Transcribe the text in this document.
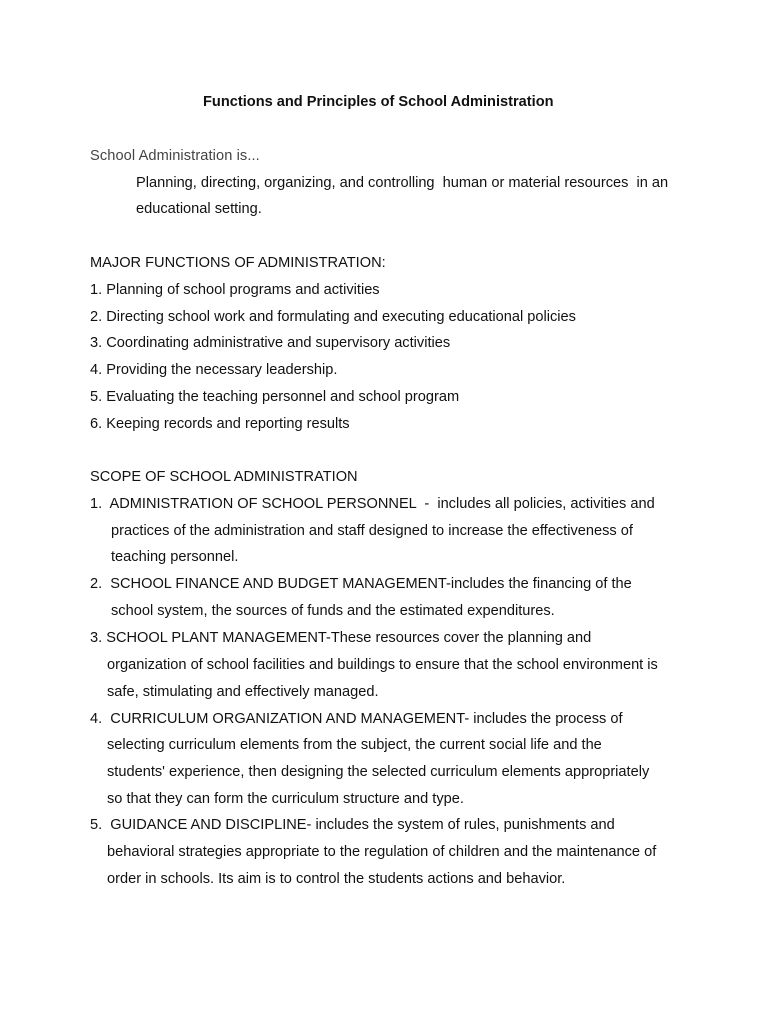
Functions and Principles of School Administration
School Administration is...
Planning, directing, organizing, and controlling  human or material resources  in an
educational setting.
MAJOR FUNCTIONS OF ADMINISTRATION:
1. Planning of school programs and activities
2. Directing school work and formulating and executing educational policies
3. Coordinating administrative and supervisory activities
4. Providing the necessary leadership.
5. Evaluating the teaching personnel and school program
6. Keeping records and reporting results
SCOPE OF SCHOOL ADMINISTRATION
1.  ADMINISTRATION OF SCHOOL PERSONNEL  -  includes all policies, activities and
practices of the administration and staff designed to increase the effectiveness of
teaching personnel.
2.  SCHOOL FINANCE AND BUDGET MANAGEMENT-includes the financing of the
school system, the sources of funds and the estimated expenditures.
3. SCHOOL PLANT MANAGEMENT-These resources cover the planning and
organization of school facilities and buildings to ensure that the school environment is
safe, stimulating and effectively managed.
4.  CURRICULUM ORGANIZATION AND MANAGEMENT- includes the process of
selecting curriculum elements from the subject, the current social life and the
students' experience, then designing the selected curriculum elements appropriately
so that they can form the curriculum structure and type.
5.  GUIDANCE AND DISCIPLINE- includes the system of rules, punishments and
behavioral strategies appropriate to the regulation of children and the maintenance of
order in schools. Its aim is to control the students actions and behavior.
